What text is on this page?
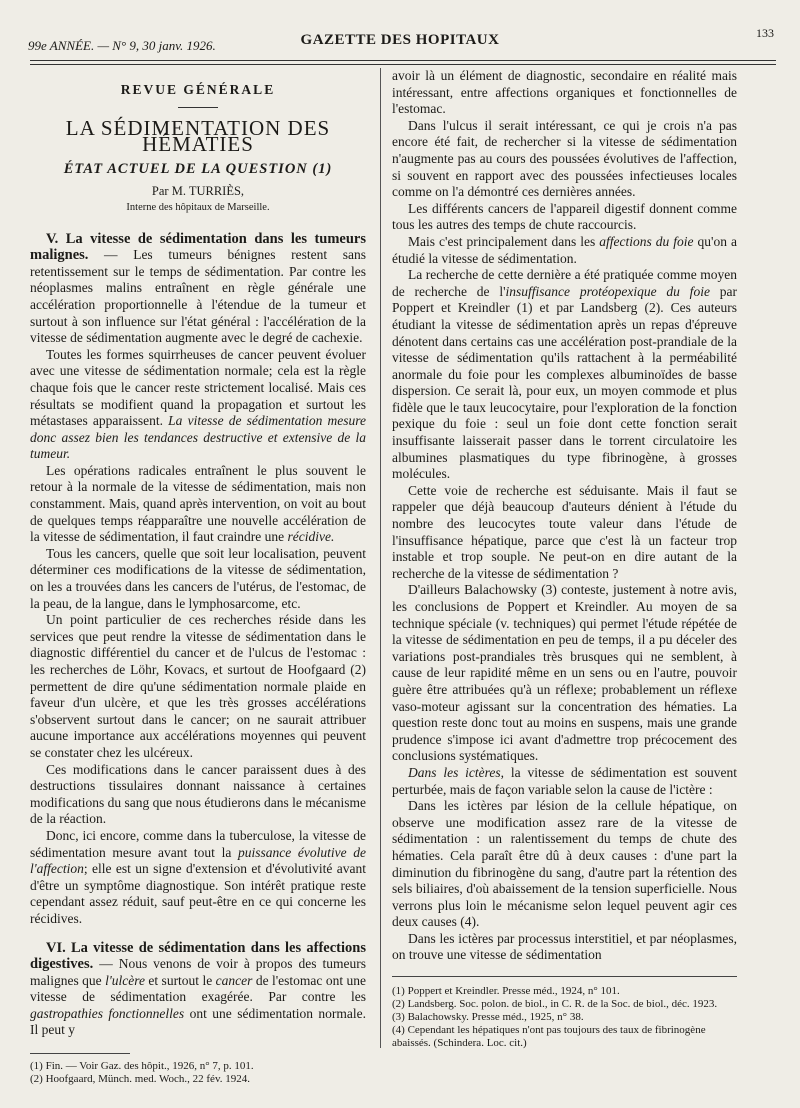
99e ANNÉE. — N° 9, 30 janv. 1926.	GAZETTE DES HOPITAUX	133
REVUE GÉNÉRALE
LA SÉDIMENTATION DES HÉMATIES
ÉTAT ACTUEL DE LA QUESTION (1)
Par M. TURRIÈS,
Interne des hôpitaux de Marseille.

V. La vitesse de sédimentation dans les tumeurs malignes. — Les tumeurs bénignes restent sans retentissement sur le temps de sédimentation. Par contre les néoplasmes malins entraînent en règle générale une accélération proportionnelle à l'étendue de la tumeur et surtout à son influence sur l'état général : l'accélération de la vitesse de sédimentation augmente avec le degré de cachexie.

Toutes les formes squirrheuses de cancer peuvent évoluer avec une vitesse de sédimentation normale; cela est la règle chaque fois que le cancer reste strictement localisé. Mais ces résultats se modifient quand la propagation et surtout les métastases apparaissent. La vitesse de sédimentation mesure donc assez bien les tendances destructive et extensive de la tumeur.

Les opérations radicales entraînent le plus souvent le retour à la normale de la vitesse de sédimentation, mais non constamment. Mais, quand après intervention, on voit au bout de quelques temps réapparaître une nouvelle accélération de la vitesse de sédimentation, il faut craindre une récidive.

Tous les cancers, quelle que soit leur localisation, peuvent déterminer ces modifications de la vitesse de sédimentation, on les a trouvées dans les cancers de l'utérus, de l'estomac, de la peau, de la langue, dans le lymphosarcome, etc.

Un point particulier de ces recherches réside dans les services que peut rendre la vitesse de sédimentation dans le diagnostic différentiel du cancer et de l'ulcus de l'estomac : les recherches de Löhr, Kovacs, et surtout de Hoofgaard (2) permettent de dire qu'une sédimentation normale plaide en faveur d'un ulcère, et que les très grosses accélérations s'observent surtout dans le cancer; on ne saurait attribuer aucune importance aux accélérations moyennes qui peuvent se constater chez les ulcéreux.

Ces modifications dans le cancer paraissent dues à des destructions tissulaires donnant naissance à certaines modifications du sang que nous étudierons dans le mécanisme de la réaction.

Donc, ici encore, comme dans la tuberculose, la vitesse de sédimentation mesure avant tout la puissance évolutive de l'affection; elle est un signe d'extension et d'évolutivité avant d'être un symptôme diagnostique. Son intérêt pratique reste cependant assez réduit, sauf peut-être en ce qui concerne les récidives.

VI. La vitesse de sédimentation dans les affections digestives. — Nous venons de voir à propos des tumeurs malignes que l'ulcère et surtout le cancer de l'estomac ont une vitesse de sédimentation exagérée. Par contre les gastropathies fonctionnelles ont une sédimentation normale. Il peut y

(1) Fin. — Voir Gaz. des hôpit., 1926, n° 7, p. 101.

(2) Hoofgaard, Münch. med. Woch., 22 fév. 1924.

avoir là un élément de diagnostic, secondaire en réalité mais intéressant, entre affections organiques et fonctionnelles de l'estomac.

Dans l'ulcus il serait intéressant, ce qui je crois n'a pas encore été fait, de rechercher si la vitesse de sédimentation n'augmente pas au cours des poussées évolutives de l'affection, si souvent en rapport avec des poussées infectieuses locales comme on l'a démontré ces dernières années.

Les différents cancers de l'appareil digestif donnent comme tous les autres des temps de chute raccourcis.

Mais c'est principalement dans les affections du foie qu'on a étudié la vitesse de sédimentation.

La recherche de cette dernière a été pratiquée comme moyen de recherche de l'insuffisance protéopexique du foie par Poppert et Kreindler (1) et par Landsberg (2). Ces auteurs étudiant la vitesse de sédimentation après un repas d'épreuve dénotent dans certains cas une accélération post-prandiale de la vitesse de sédimentation qu'ils rattachent à la perméabilité anormale du foie pour les complexes albuminoïdes de basse dispersion. Ce serait là, pour eux, un moyen commode et plus fidèle que le taux leucocytaire, pour l'exploration de la fonction pexique du foie : seul un foie dont cette fonction serait insuffisante laisserait passer dans le torrent circulatoire les albumines plasmatiques du type fibrinogène, à grosses molécules.

Cette voie de recherche est séduisante. Mais il faut se rappeler que déjà beaucoup d'auteurs dénient à l'étude du nombre des leucocytes toute valeur dans l'étude de l'insuffisance hépatique, parce que c'est là un facteur trop instable et trop souple. Ne peut-on en dire autant de la recherche de la vitesse de sédimentation ?

D'ailleurs Balachowsky (3) conteste, justement à notre avis, les conclusions de Poppert et Kreindler. Au moyen de sa technique spéciale (v. techniques) qui permet l'étude répétée de la vitesse de sédimentation en peu de temps, il a pu déceler des variations post-prandiales très brusques qui ne semblent, à cause de leur rapidité même en un sens ou en l'autre, pouvoir guère être attribuées qu'à un réflexe; probablement un réflexe vaso-moteur agissant sur la concentration des hématies. La question reste donc tout au moins en suspens, mais une grande prudence s'impose ici avant d'admettre trop précocement des conclusions systématiques.

Dans les ictères, la vitesse de sédimentation est souvent perturbée, mais de façon variable selon la cause de l'ictère :

Dans les ictères par lésion de la cellule hépatique, on observe une modification assez rare de la vitesse de sédimentation : un ralentissement du temps de chute des hématies. Cela paraît être dû à deux causes : d'une part la diminution du fibrinogène du sang, d'autre part la rétention des sels biliaires, d'où abaissement de la tension superficielle. Nous verrons plus loin le mécanisme selon lequel peuvent agir ces deux causes (4).

Dans les ictères par processus interstitiel, et par néoplasmes, on trouve une vitesse de sédimentation

(1) Poppert et Kreindler. Presse méd., 1924, n° 101.

(2) Landsberg. Soc. polon. de biol., in C. R. de la Soc. de biol., déc. 1923.

(3) Balachowsky. Presse méd., 1925, n° 38.

(4) Cependant les hépatiques n'ont pas toujours des taux de fibrinogène abaissés. (Schindera. Loc. cit.)
